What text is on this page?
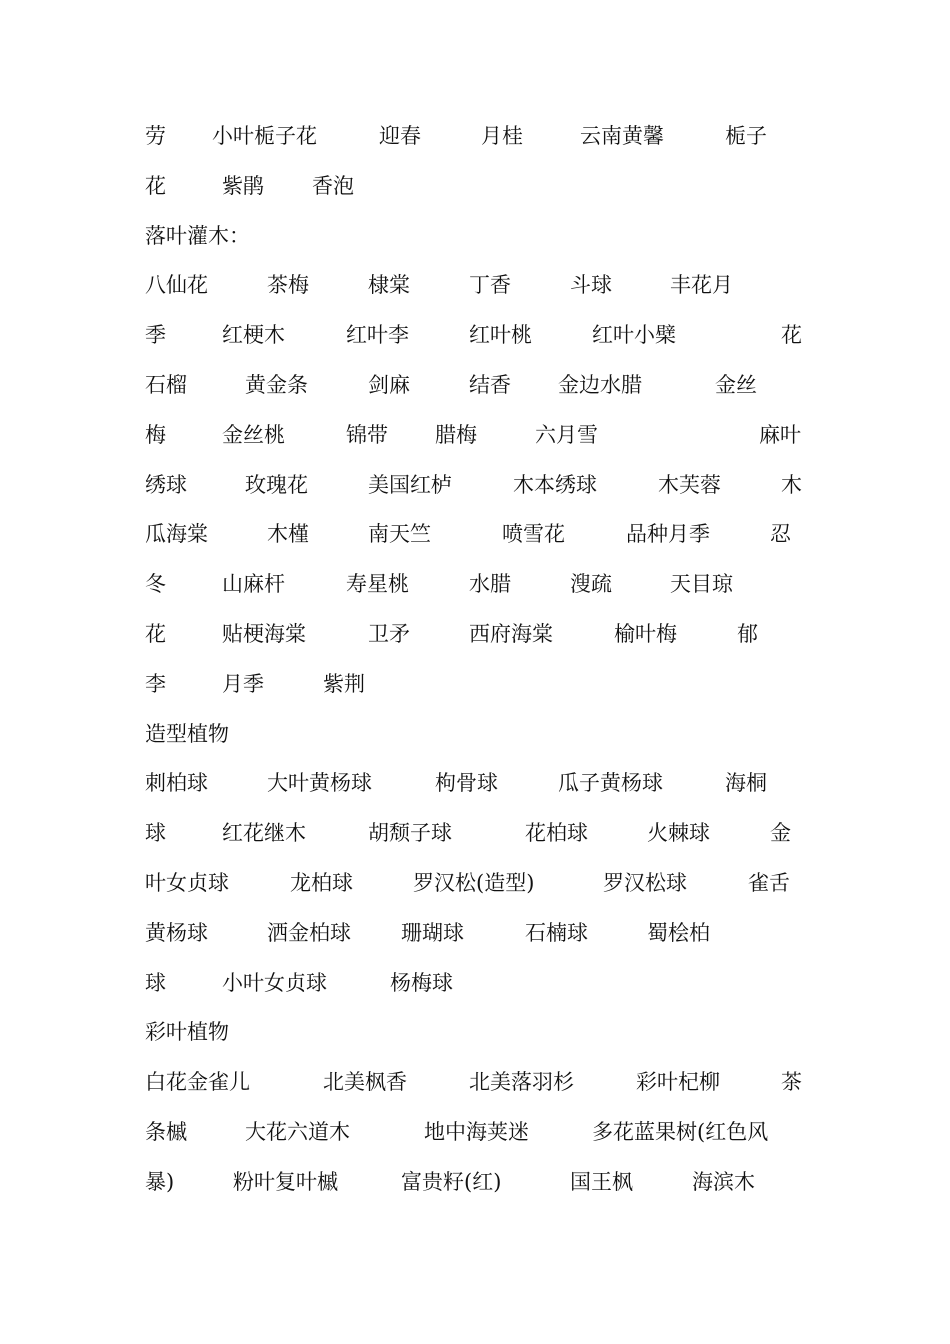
劳 小叶栀子花	迎春	月桂	云南黄馨	栀子
花	紫鹃 香泡
落叶灌木：
八仙花	茶梅	棣棠	丁香	斗球	丰花月
季	红梗木	红叶李	红叶桃	红叶小檗	花
石榴	黄金条	剑麻	结香 金边水腊	金丝
梅	金丝桃	锦带 腊梅	六月雪	麻叶
绣球	玫瑰花	美国红栌	木本绣球	木芙蓉	木
瓜海棠	木槿	南天竺	喷雪花	品种月季	忍
冬	山麻杆	寿星桃	水腊	溲疏	天目琼
花	贴梗海棠	卫矛	西府海棠	榆叶梅	郁
李	月季	紫荆
造型植物
刺柏球	大叶黄杨球	枸骨球	瓜子黄杨球	海桐
球	红花继木	胡颓子球	花柏球	火棘球	金
叶女贞球	龙柏球	罗汉松(造型)	罗汉松球	雀舌
黄杨球	洒金柏球 珊瑚球	石楠球	蜀桧柏
球	小叶女贞球	杨梅球
彩叶植物
白花金雀儿	北美枫香	北美落羽杉	彩叶杞柳	茶
条槭	大花六道木	地中海荚迷	多花蓝果树(红色风
暴)	粉叶复叶槭	富贵籽(红)	国王枫	海滨木
